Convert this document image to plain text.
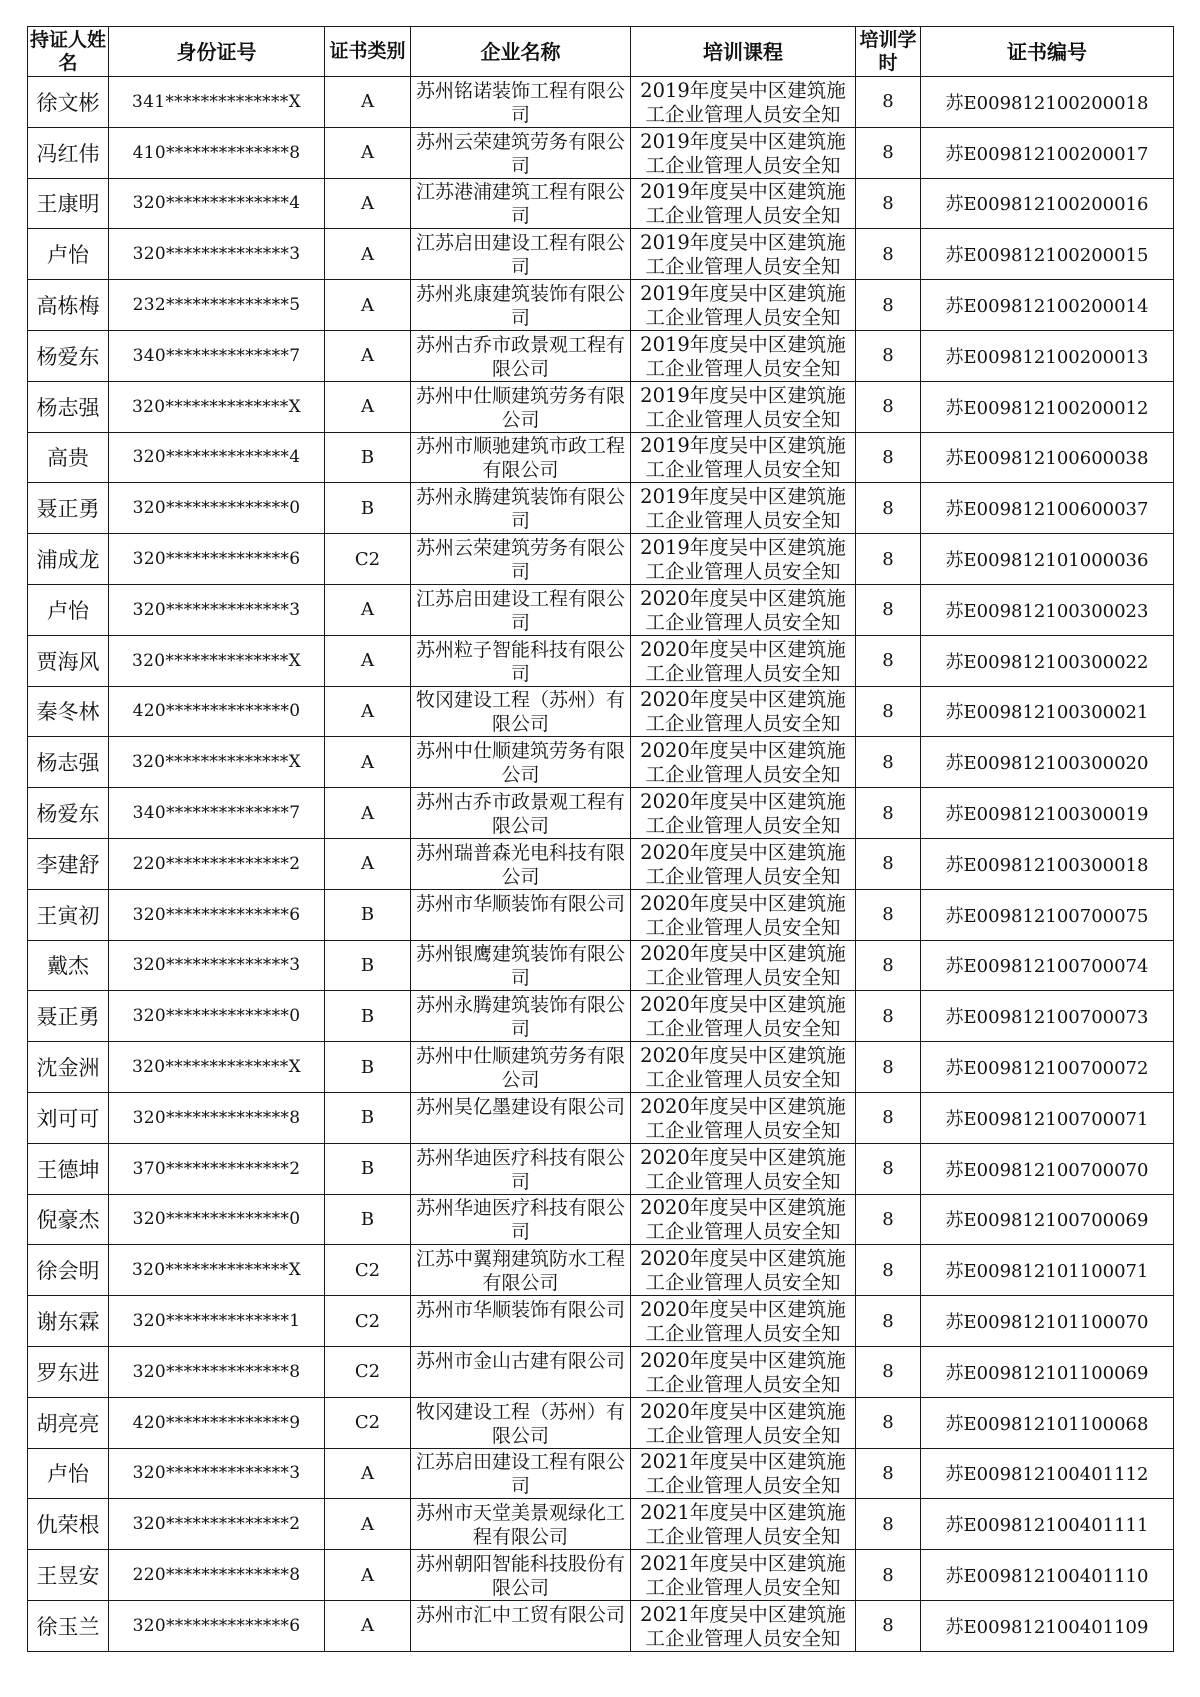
持证人姓名	身份证号	证书类别	企业名称	培训课程	培训学时	证书编号
徐文彬	341**************X	A	苏州铭诺装饰工程有限公司	2019年度吴中区建筑施工企业管理人员安全知	8	苏E009812100200018
冯红伟	410**************8	A	苏州云荣建筑劳务有限公司	2019年度吴中区建筑施工企业管理人员安全知	8	苏E009812100200017
王康明	320**************4	A	江苏港浦建筑工程有限公司	2019年度吴中区建筑施工企业管理人员安全知	8	苏E009812100200016
卢怡	320**************3	A	江苏启田建设工程有限公司	2019年度吴中区建筑施工企业管理人员安全知	8	苏E009812100200015
高栋梅	232**************5	A	苏州兆康建筑装饰有限公司	2019年度吴中区建筑施工企业管理人员安全知	8	苏E009812100200014
杨爱东	340**************7	A	苏州古乔市政景观工程有限公司	2019年度吴中区建筑施工企业管理人员安全知	8	苏E009812100200013
杨志强	320**************X	A	苏州中仕顺建筑劳务有限公司	2019年度吴中区建筑施工企业管理人员安全知	8	苏E009812100200012
高贵	320**************4	B	苏州市顺驰建筑市政工程有限公司	2019年度吴中区建筑施工企业管理人员安全知	8	苏E009812100600038
聂正勇	320**************0	B	苏州永腾建筑装饰有限公司	2019年度吴中区建筑施工企业管理人员安全知	8	苏E009812100600037
浦成龙	320**************6	C2	苏州云荣建筑劳务有限公司	2019年度吴中区建筑施工企业管理人员安全知	8	苏E009812101000036
卢怡	320**************3	A	江苏启田建设工程有限公司	2020年度吴中区建筑施工企业管理人员安全知	8	苏E009812100300023
贾海风	320**************X	A	苏州粒子智能科技有限公司	2020年度吴中区建筑施工企业管理人员安全知	8	苏E009812100300022
秦冬林	420**************0	A	牧冈建设工程（苏州）有限公司	2020年度吴中区建筑施工企业管理人员安全知	8	苏E009812100300021
杨志强	320**************X	A	苏州中仕顺建筑劳务有限公司	2020年度吴中区建筑施工企业管理人员安全知	8	苏E009812100300020
杨爱东	340**************7	A	苏州古乔市政景观工程有限公司	2020年度吴中区建筑施工企业管理人员安全知	8	苏E009812100300019
李建舒	220**************2	A	苏州瑞普森光电科技有限公司	2020年度吴中区建筑施工企业管理人员安全知	8	苏E009812100300018
王寅初	320**************6	B	苏州市华顺装饰有限公司	2020年度吴中区建筑施工企业管理人员安全知	8	苏E009812100700075
戴杰	320**************3	B	苏州银鹰建筑装饰有限公司	2020年度吴中区建筑施工企业管理人员安全知	8	苏E009812100700074
聂正勇	320**************0	B	苏州永腾建筑装饰有限公司	2020年度吴中区建筑施工企业管理人员安全知	8	苏E009812100700073
沈金洲	320**************X	B	苏州中仕顺建筑劳务有限公司	2020年度吴中区建筑施工企业管理人员安全知	8	苏E009812100700072
刘可可	320**************8	B	苏州昊亿墨建设有限公司	2020年度吴中区建筑施工企业管理人员安全知	8	苏E009812100700071
王德坤	370**************2	B	苏州华迪医疗科技有限公司	2020年度吴中区建筑施工企业管理人员安全知	8	苏E009812100700070
倪豪杰	320**************0	B	苏州华迪医疗科技有限公司	2020年度吴中区建筑施工企业管理人员安全知	8	苏E009812100700069
徐会明	320**************X	C2	江苏中翼翔建筑防水工程有限公司	2020年度吴中区建筑施工企业管理人员安全知	8	苏E009812101100071
谢东霖	320**************1	C2	苏州市华顺装饰有限公司	2020年度吴中区建筑施工企业管理人员安全知	8	苏E009812101100070
罗东进	320**************8	C2	苏州市金山古建有限公司	2020年度吴中区建筑施工企业管理人员安全知	8	苏E009812101100069
胡亮亮	420**************9	C2	牧冈建设工程（苏州）有限公司	2020年度吴中区建筑施工企业管理人员安全知	8	苏E009812101100068
卢怡	320**************3	A	江苏启田建设工程有限公司	2021年度吴中区建筑施工企业管理人员安全知	8	苏E009812100401112
仇荣根	320**************2	A	苏州市天堂美景观绿化工程有限公司	2021年度吴中区建筑施工企业管理人员安全知	8	苏E009812100401111
王昱安	220**************8	A	苏州朝阳智能科技股份有限公司	2021年度吴中区建筑施工企业管理人员安全知	8	苏E009812100401110
徐玉兰	320**************6	A	苏州市汇中工贸有限公司	2021年度吴中区建筑施工企业管理人员安全知	8	苏E009812100401109
